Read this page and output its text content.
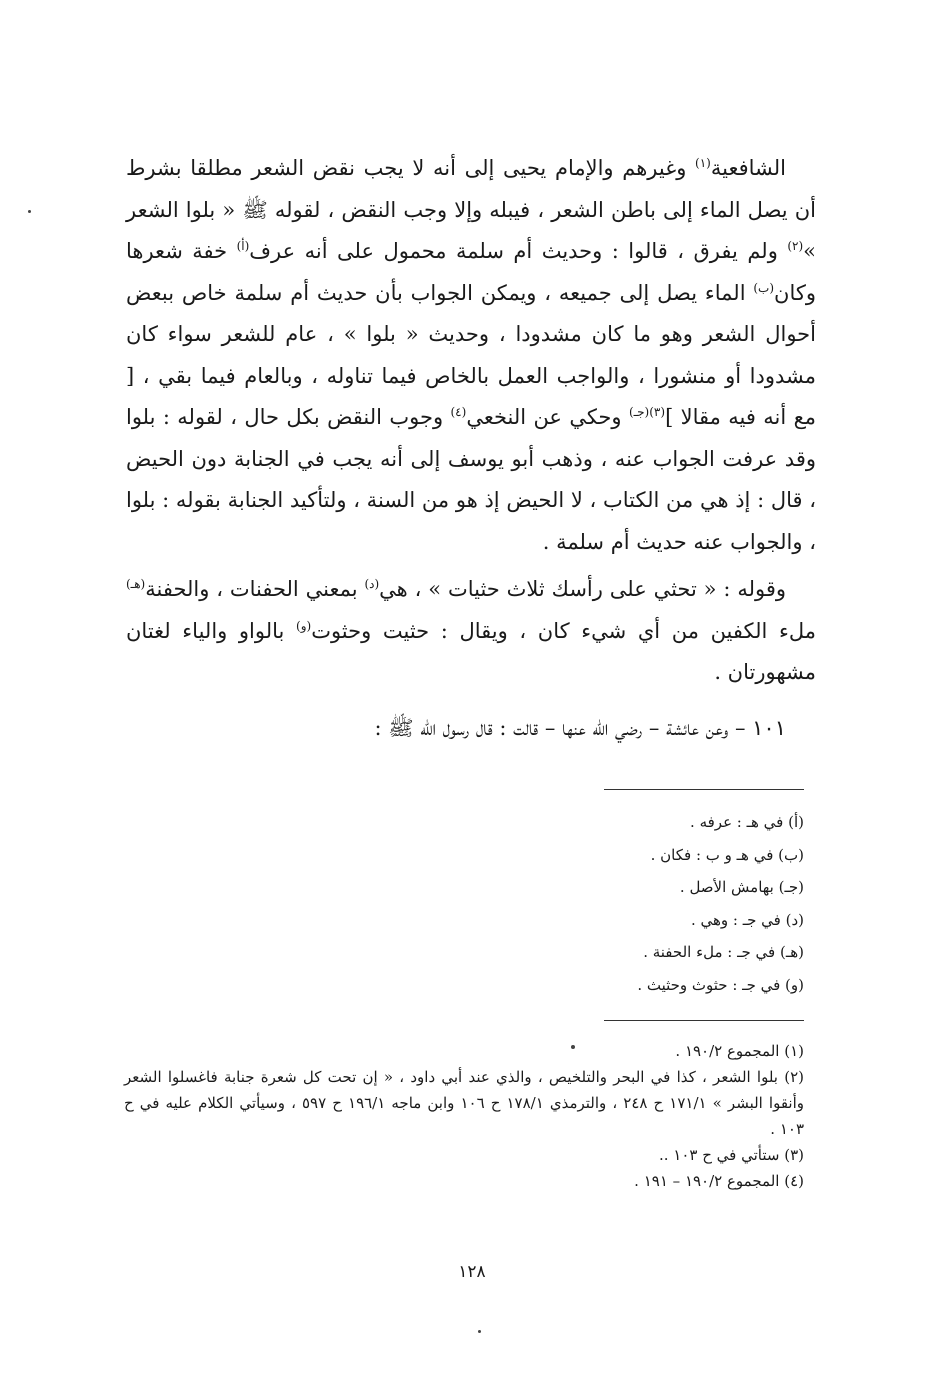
الشافعية$^{(١)}$ وغيرهم والإمام يحيى إلى أنه لا يجب نقض الشعر مطلقا بشرط أن يصل الماء إلى باطن الشعر ، فيبله وإلا وجب النقض ، لقوله ﷺ « بلوا الشعر »$^{(٢)}$ ولم يفرق ، قالوا : وحديث أم سلمة محمول على أنه عرف$^{(أ)}$ خفة شعرها وكان$^{(ب)}$ الماء يصل إلى جميعه ، ويمكن الجواب بأن حديث أم سلمة خاص ببعض أحوال الشعر وهو ما كان مشدودا ، وحديث « بلوا » ، عام للشعر سواء كان مشدودا أو منشورا ، والواجب العمل بالخاص فيما تناوله ، وبالعام فيما بقي ، [ مع أنه فيه مقالا ]$^{(٣)(جـ)}$ وحكي عن النخعي$^{(٤)}$ وجوب النقض بكل حال ، لقوله : بلوا وقد عرفت الجواب عنه ، وذهب أبو يوسف إلى أنه يجب في الجنابة دون الحيض ، قال : إذ هي من الكتاب ، لا الحيض إذ هو من السنة ، ولتأكيد الجنابة بقوله : بلوا ، والجواب عنه حديث أم سلمة .

وقوله : « تحثي على رأسك ثلاث حثيات » ، هي$^{(د)}$ بمعني الحفنات ، والحفنة$^{(هـ)}$ ملء الكفين من أي شيء كان ، ويقال : حثيت وحثوت$^{(و)}$ بالواو والياء لغتان مشهورتان .

١٠١ – وعن عائشة – رضي الله عنها – قالت : قال رسول الله ﷺ :

(أ) في هـ : عرفه .

(ب) في هـ و ب : فكان .

(جـ) بهامش الأصل .

(د) في جـ : وهي .

(هـ) في جـ : ملء الحفنة .

(و) في جـ : حثوث وحثيث .

(١) المجموع ١٩٠/٢ .

(٢) بلوا الشعر ، كذا في البحر والتلخيص ، والذي عند أبي داود ، « إن تحت كل شعرة جنابة فاغسلوا الشعر وأنقوا البشر » ١٧١/١ ح ٢٤٨ ، والترمذي ١٧٨/١ ح ١٠٦ وابن ماجه ١٩٦/١ ح ٥٩٧ ، وسيأتي الكلام عليه في ح ١٠٣ .

(٣) ستأتي في ح ١٠٣ ..

(٤) المجموع ١٩٠/٢ – ١٩١ .

١٢٨
